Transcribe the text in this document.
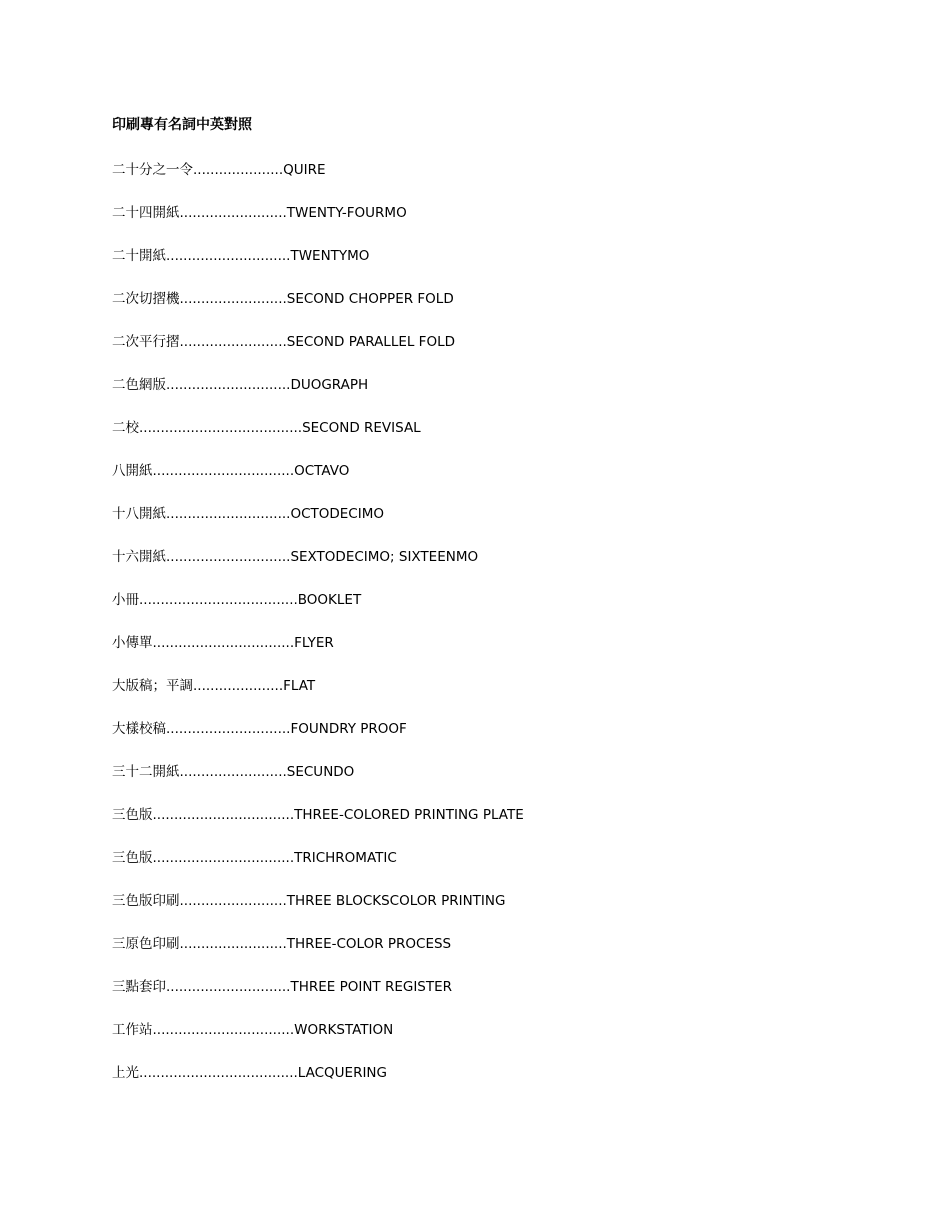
印刷專有名詞中英對照
二十分之一令.....................QUIRE
二十四開紙.........................TWENTY-FOURMO
二十開紙.............................TWENTYMO
二次切摺機.........................SECOND CHOPPER FOLD
二次平行摺.........................SECOND PARALLEL FOLD
二色網版.............................DUOGRAPH
二校......................................SECOND REVISAL
八開紙.................................OCTAVO
十八開紙.............................OCTODECIMO
十六開紙.............................SEXTODECIMO; SIXTEENMO
小冊.....................................BOOKLET
小傳單.................................FLYER
大版稿；平調.....................FLAT
大樣校稿.............................FOUNDRY PROOF
三十二開紙.........................SECUNDO
三色版.................................THREE-COLORED PRINTING PLATE
三色版.................................TRICHROMATIC
三色版印刷.........................THREE BLOCKSCOLOR PRINTING
三原色印刷.........................THREE-COLOR PROCESS
三點套印.............................THREE POINT REGISTER
工作站.................................WORKSTATION
上光.....................................LACQUERING
